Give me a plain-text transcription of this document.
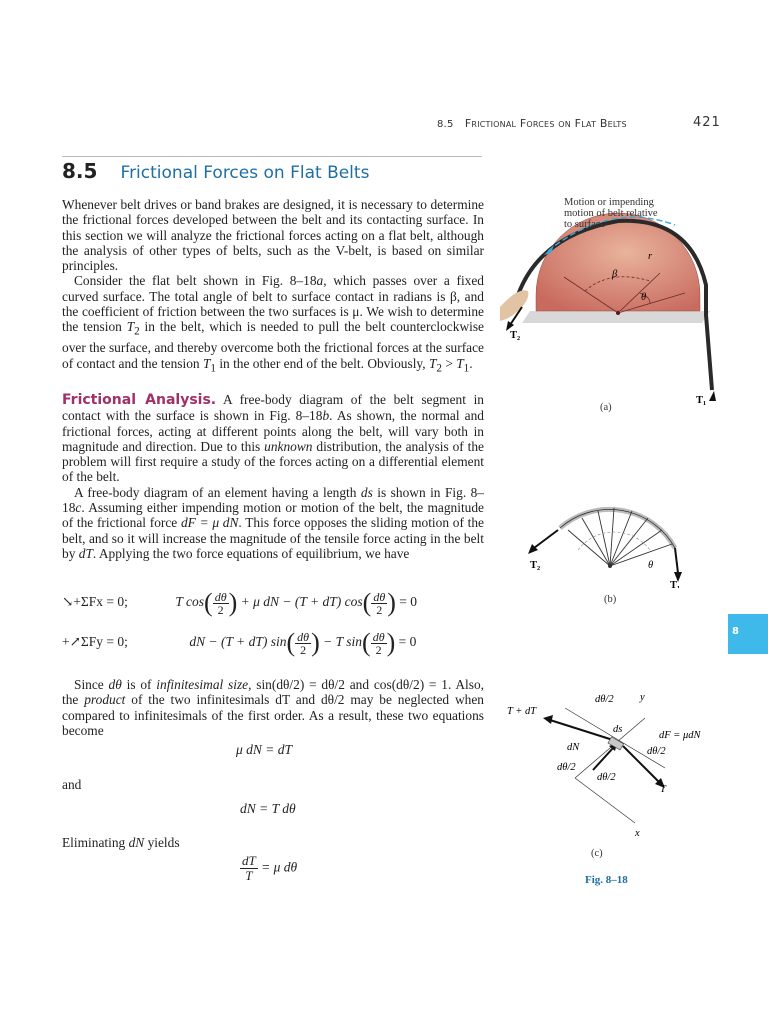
8.5 Frictional Forces on Flat Belts	421
8.5 Frictional Forces on Flat Belts

Whenever belt drives or band brakes are designed, it is necessary to determine the frictional forces developed between the belt and its contacting surface. In this section we will analyze the frictional forces acting on a flat belt, although the analysis of other types of belts, such as the V-belt, is based on similar principles.

Consider the flat belt shown in Fig. 8–18a, which passes over a fixed curved surface. The total angle of belt to surface contact in radians is β, and the coefficient of friction between the two surfaces is μ. We wish to determine the tension $T_2$ in the belt, which is needed to pull the belt counterclockwise over the surface, and thereby overcome both the frictional forces at the surface of contact and the tension $T_1$ in the other end of the belt. Obviously, $T_2 > T_1$.

Frictional Analysis. A free-body diagram of the belt segment in contact with the surface is shown in Fig. 8–18b. As shown, the normal and frictional forces, acting at different points along the belt, will vary both in magnitude and direction. Due to this unknown distribution, the analysis of the problem will first require a study of the forces acting on a differential element of the belt.

A free-body diagram of an element having a length ds is shown in Fig. 8–18c. Assuming either impending motion or motion of the belt, the magnitude of the frictional force dF = μ dN. This force opposes the sliding motion of the belt, and so it will increase the magnitude of the tensile force acting in the belt by dT. Applying the two force equations of equilibrium, we have

↘+ΣFx = 0;	T $\cos( \frac{d\theta}{2}$ ) + μ dN − (T + dT) $\cos( \frac{d\theta}{2}$ ) = 0
+↗ΣFy = 0;	dN − (T + dT) $\sin( \frac{d\theta}{2}$ ) − T $\sin( \frac{d\theta}{2}$ ) = 0

Since dθ is of infinitesimal size, sin(dθ/2) = dθ/2 and cos(dθ/2) = 1. Also, the product of the two infinitesimals dT and dθ/2 may be neglected when compared to infinitesimals of the first order. As a result, these two equations become

μ dN = dT
and
dN = T dθ
Eliminating dN yields
$\frac{dT}{T} = \mu$ dθ
β
r
θ
T₂
T₁
Motion or impending
motion of belt relative
to surface
(a)
T₂
T₁
θ
(b)
T + dT
dθ/2	y
ds
dF = μdN
dN	dθ/2
dθ/2
dθ/2
T
x
(c)
Fig. 8–18
8
